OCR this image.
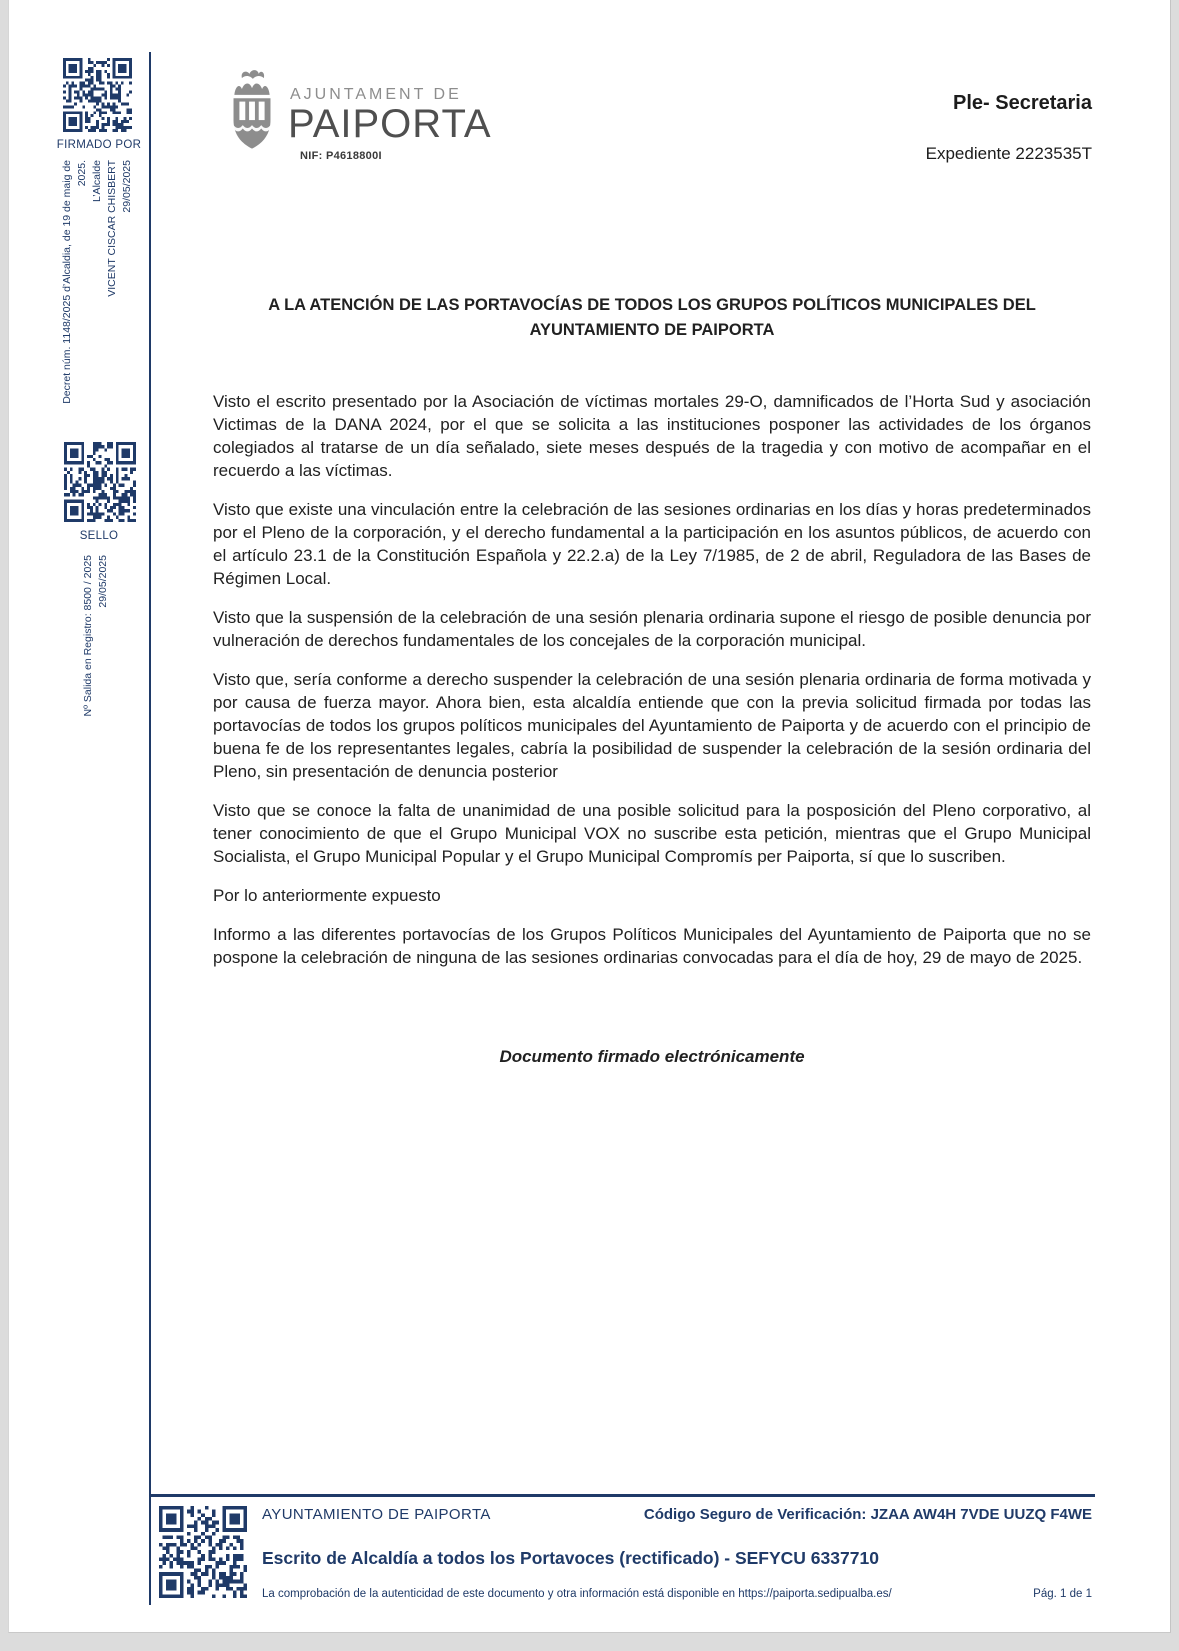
FIRMADO POR
Decret núm. 1148/2025 d’Alcaldia, de 19 de maig de 2025. L’Alcalde VICENT CISCAR CHISBERT 29/05/2025
SELLO
Nº Salida en Registro: 8500 / 2025 29/05/2025
AJUNTAMENT DE
PAIPORTA
NIF: P4618800I
Ple- Secretaria
Expediente 2223535T
A LA ATENCIÓN DE LAS PORTAVOCÍAS DE TODOS LOS GRUPOS POLÍTICOS MUNICIPALES DEL
AYUNTAMIENTO DE PAIPORTA

Visto el escrito presentado por la Asociación de víctimas mortales 29-O, damnificados de l’Horta Sud y asociación Victimas de la DANA 2024, por el que se solicita a las instituciones posponer las actividades de los órganos colegiados al tratarse de un día señalado, siete meses después de la tragedia y con motivo de acompañar en el recuerdo a las víctimas.

Visto que existe una vinculación entre la celebración de las sesiones ordinarias en los días y horas predeterminados por el Pleno de la corporación, y el derecho fundamental a la participación en los asuntos públicos, de acuerdo con el artículo 23.1 de la Constitución Española y 22.2.a) de la Ley 7/1985, de 2 de abril, Reguladora de las Bases de Régimen Local.

Visto que la suspensión de la celebración de una sesión plenaria ordinaria supone el riesgo de posible denuncia por vulneración de derechos fundamentales de los concejales de la corporación municipal.

Visto que, sería conforme a derecho suspender la celebración de una sesión plenaria ordinaria de forma motivada y por causa de fuerza mayor. Ahora bien, esta alcaldía entiende que con la previa solicitud firmada por todas las portavocías de todos los grupos políticos municipales del Ayuntamiento de Paiporta y de acuerdo con el principio de buena fe de los representantes legales, cabría la posibilidad de suspender la celebración de la sesión ordinaria del Pleno, sin presentación de denuncia posterior

Visto que se conoce la falta de unanimidad de una posible solicitud para la posposición del Pleno corporativo, al tener conocimiento de que el Grupo Municipal VOX no suscribe esta petición, mientras que el Grupo Municipal Socialista, el Grupo Municipal Popular y el Grupo Municipal Compromís per Paiporta, sí que lo suscriben.

Por lo anteriormente expuesto

Informo a las diferentes portavocías de los Grupos Políticos Municipales del Ayuntamiento de Paiporta que no se pospone la celebración de ninguna de las sesiones ordinarias convocadas para el día de hoy, 29 de mayo de 2025.

Documento firmado electrónicamente
AYUNTAMIENTO DE PAIPORTA	Código Seguro de Verificación: JZAA AW4H 7VDE UUZQ F4WE
Escrito de Alcaldía a todos los Portavoces (rectificado) - SEFYCU 6337710
La comprobación de la autenticidad de este documento y otra información está disponible en https://paiporta.sedipualba.es/	Pág. 1 de 1
